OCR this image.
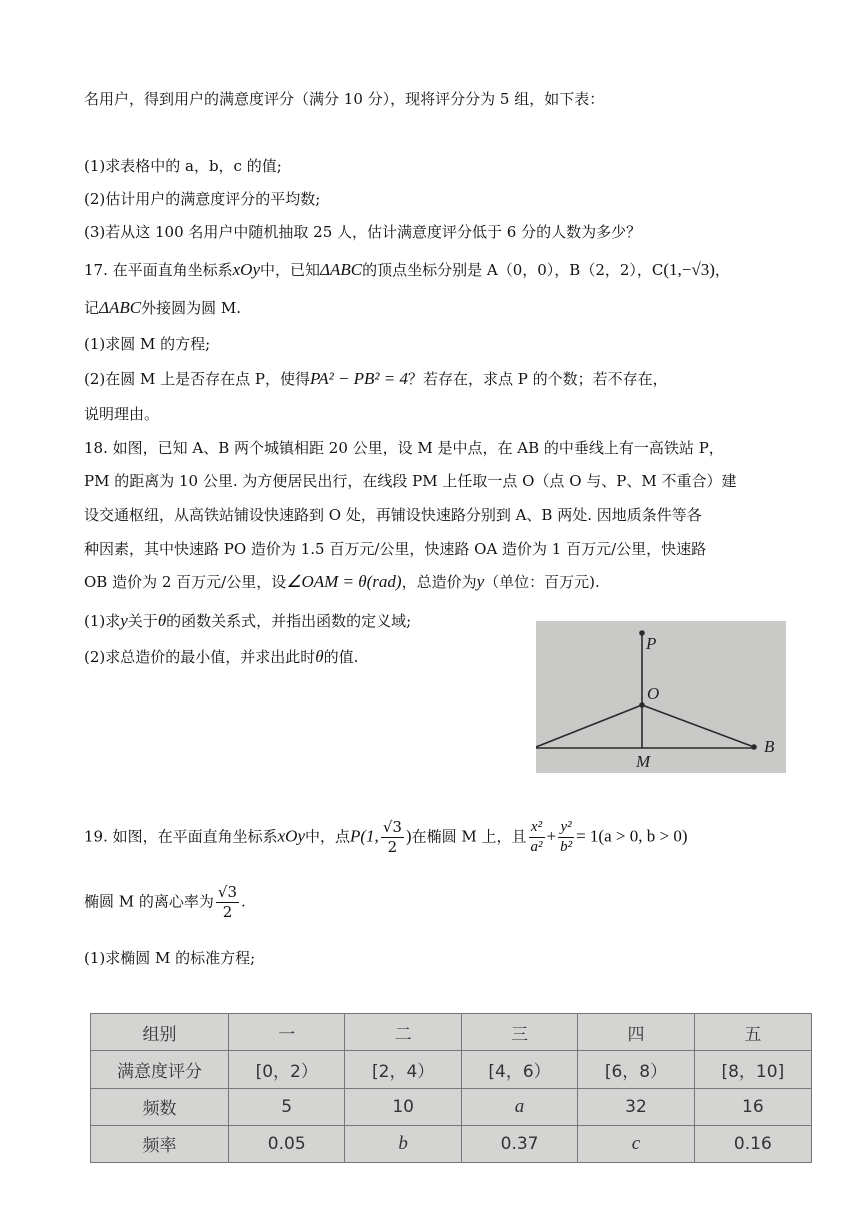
名用户，得到用户的满意度评分（满分 10 分），现将评分分为 5 组，如下表：
(1)求表格中的 a，b，c 的值;
(2)估计用户的满意度评分的平均数;
(3)若从这 100 名用户中随机抽取 25 人，估计满意度评分低于 6 分的人数为多少？
17. 在平面直角坐标系xOy中，已知ΔABC的顶点坐标分别是 A（0，0），B（2，2），C(1,−√3)，
记ΔABC外接圆为圆 M.
(1)求圆 M 的方程;
(2)在圆 M 上是否存在点 P，使得PA² − PB² = 4？若存在，求点 P 的个数；若不存在，
说明理由。
18. 如图，已知 A、B 两个城镇相距 20 公里，设 M 是中点，在 AB 的中垂线上有一高铁站 P，
PM 的距离为 10 公里. 为方便居民出行，在线段 PM 上任取一点 O（点 O 与、P、M 不重合）建
设交通枢纽，从高铁站铺设快速路到 O 处，再铺设快速路分别到 A、B 两处. 因地质条件等各
种因素，其中快速路 PO 造价为 1.5 百万元/公里，快速路 OA 造价为 1 百万元/公里，快速路
OB 造价为 2 百万元/公里，设∠OAM = θ(rad)，总造价为y（单位：百万元).
(1)求y关于θ的函数关系式，并指出函数的定义域;
(2)求总造价的最小值，并求出此时θ的值.
P
O
M
B
19. 如图，在平面直角坐标系xOy中，点P(1, $\frac{√3}{2}$ )在椭圆 M 上，且 $\frac{\text{x²}}{\text{a²}} + \frac{\text{y²}}{\text{b²}} = 1(a > 0$, b > 0)
椭圆 M 的离心率为 $\frac{√3}{2}$ .
(1)求椭圆 M 的标准方程;
组别	一	二	三	四	五
满意度评分	[0，2）	[2，4）	[4，6）	[6，8）	[8，10]
频数	5	10	a	32	16
频率	0.05	b	0.37	c	0.16
